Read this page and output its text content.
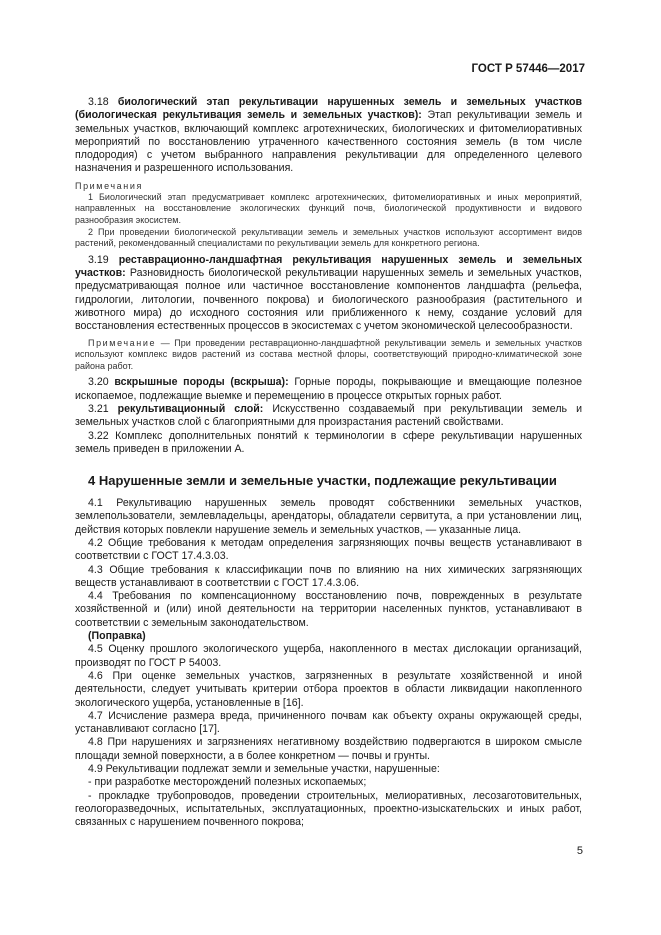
ГОСТ Р 57446—2017

3.18 биологический этап рекультивации нарушенных земель и земельных участков (биологическая рекультивация земель и земельных участков): Этап рекультивации земель и земельных участков, включающий комплекс агротехнических, биологических и фитомелиоративных мероприятий по восстановлению утраченного качественного состояния земель (в том числе плодородия) с учетом выбранного направления рекультивации для определенного целевого назначения и разрешенного использования.

Примечания

1 Биологический этап предусматривает комплекс агротехнических, фитомелиоративных и иных мероприятий, направленных на восстановление экологических функций почв, биологической продуктивности и видового разнообразия экосистем.

2 При проведении биологической рекультивации земель и земельных участков используют ассортимент видов растений, рекомендованный специалистами по рекультивации земель для конкретного региона.

3.19 реставрационно-ландшафтная рекультивация нарушенных земель и земельных участков: Разновидность биологической рекультивации нарушенных земель и земельных участков, предусматривающая полное или частичное восстановление компонентов ландшафта (рельефа, гидрологии, литологии, почвенного покрова) и биологического разнообразия (растительного и животного мира) до исходного состояния или приближенного к нему, создание условий для восстановления естественных процессов в экосистемах с учетом экономической целесообразности.

Примечание — При проведении реставрационно-ландшафтной рекультивации земель и земельных участков используют комплекс видов растений из состава местной флоры, соответствующий природно-климатической зоне района работ.

3.20 вскрышные породы (вскрыша): Горные породы, покрывающие и вмещающие полезное ископаемое, подлежащие выемке и перемещению в процессе открытых горных работ.

3.21 рекультивационный слой: Искусственно создаваемый при рекультивации земель и земельных участков слой с благоприятными для произрастания растений свойствами.

3.22 Комплекс дополнительных понятий к терминологии в сфере рекультивации нарушенных земель приведен в приложении А.

4 Нарушенные земли и земельные участки, подлежащие рекультивации

4.1 Рекультивацию нарушенных земель проводят собственники земельных участков, землепользователи, землевладельцы, арендаторы, обладатели сервитута, а при установлении лиц, действия которых повлекли нарушение земель и земельных участков, — указанные лица.

4.2 Общие требования к методам определения загрязняющих почвы веществ устанавливают в соответствии с ГОСТ 17.4.3.03.

4.3 Общие требования к классификации почв по влиянию на них химических загрязняющих веществ устанавливают в соответствии с ГОСТ 17.4.3.06.

4.4 Требования по компенсационному восстановлению почв, поврежденных в результате хозяйственной и (или) иной деятельности на территории населенных пунктов, устанавливают в соответствии с земельным законодательством.

(Поправка)

4.5 Оценку прошлого экологического ущерба, накопленного в местах дислокации организаций, производят по ГОСТ Р 54003.

4.6 При оценке земельных участков, загрязненных в результате хозяйственной и иной деятельности, следует учитывать критерии отбора проектов в области ликвидации накопленного экологического ущерба, установленные в [16].

4.7 Исчисление размера вреда, причиненного почвам как объекту охраны окружающей среды, устанавливают согласно [17].

4.8 При нарушениях и загрязнениях негативному воздействию подвергаются в широком смысле площади земной поверхности, а в более конкретном — почвы и грунты.

4.9 Рекультивации подлежат земли и земельные участки, нарушенные:

- при разработке месторождений полезных ископаемых;

- прокладке трубопроводов, проведении строительных, мелиоративных, лесозаготовительных, геологоразведочных, испытательных, эксплуатационных, проектно-изыскательских и иных работ, связанных с нарушением почвенного покрова;

5
